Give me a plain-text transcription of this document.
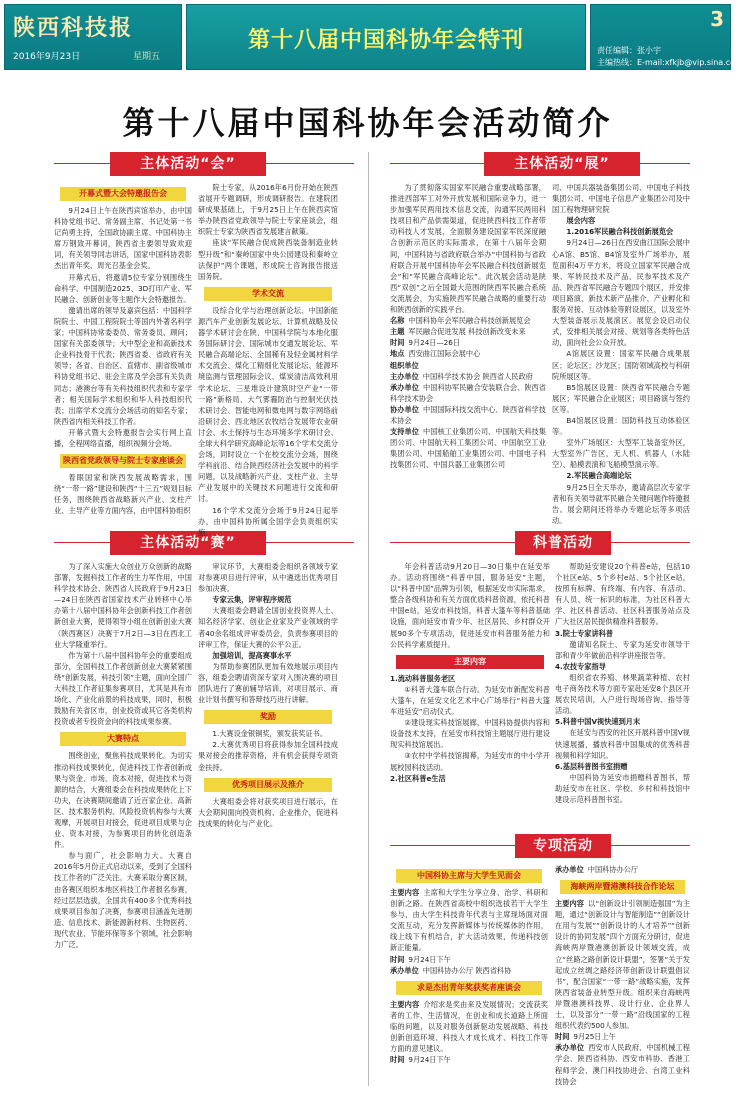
陕西科技报
2016年9月23日	星期五
第十八届中国科协年会特刊
3
责任编辑：张小宇
主编热线：E-mail:xfkjb@vip.sina.com
第十八届中国科协年会活动简介
主体活动“会”	主体活动“展”
主体活动“赛”	科普活动
专项活动
开幕式暨大会特邀报告会

9月24日上午在陕西宾馆举办，由中国科协党组书记、常务副主席、书记处第一书记尚勇主持，全国政协副主席、中国科协主席万钢致开幕词，陕西省主要领导致欢迎词，有关领导同志讲话，国家中国科协表彰杰出青年奖、周光召基金会奖。

开幕式后，将邀请5位专家分别围绕生命科学、中国制造2025、3D打印产业、军民融合、创新创业等主题作大会特邀报告。

邀请出席的领导及嘉宾包括：中国科学院院士、中国工程院院士等国内外著名科学家；中国科协常委委员、常务委员、顾问；国家有关部委领导；大中型企业和高新技术企业科技骨干代表；陕西省委、省政府有关领导；各省、自治区、直辖市、副省级城市科协党组书记、驻会主席及学会部有关负责同志；港澳台等有关科技组织代表和专家学者；相关国际学术组织和华人科技组织代表；出席学术交流分会场活动的知名专家；陕西省内相关科技工作者。

开幕式暨大会特邀报告会实行网上直播，全程网络直播，组织视频分会场。

陕西省党政领导与院士专家座谈会

着眼国家和陕西发展战略需求，围绕“一带一路”建设和陕西“十三五”规划目标任务，围绕陕西省战略新兴产业、支柱产业、主导产业等方面内容，由中国科协组织

院士专家，从2016年6月份开始在陕西省展开专题调研，形成调研报告。在建院团研成果基础上，于9月25日上午在陕西宾馆举办陕西省党政领导与院士专家座谈会，组织院士专家为陕西省发展建言献策。

座谈“军民融合促成陕西装备制造业转型升级”和“秦岭国家中央公园建设和秦岭立法保护”两个课题，形成院士咨询报告报送国务院。

学术交流

设综合化学与治理创新论坛、中国新能源汽车产业创新发展论坛、计算机战略及仪器学术研讨会在陕、中国科学院与本地化服务国际研讨会、国际城市交通发展论坛、军民融合高端论坛、全国稀有及轻金属材料学术交流会、煤化工精细化发展论坛、能源环境监测与管理国际会议、煤炭清洁高效利用学术论坛、三星堆设计建筑时空产业“一带一路”新格局、大气雾霾防治与控制光伏技术研讨会、智能电网和微电网与数字网络前沿研讨会、西北地区农牧结合发展带农业研讨会、水土保持与生态环境多学术研讨会、全球大科学研究高峰论坛等16个学术交流分会场，同时设立一个在校交流分会场，围绕学科前沿、结合陕西经济社会发展中的科学问题，以及战略新兴产业、支柱产业、主导产业发展中的关键技术问题进行交流和研讨。

16个学术交流分会场于9月24日起举办，由中国科协所属全国学会负责组织实施。

为了贯彻落实国家军民融合重要战略部署，推进西部军工对外开放发展和国际竞争力，进一步加强军民两用技术信息交流，沟通军民两用科技项目和产品供需渠道，促进陕西科技工作者带动科技人才发展，全面服务建设国家军民深度融合创新示范区的实际需求，在第十八届年会期间，中国科协与省政府联合举办“中国科协与省政府联合开展中国科协年会军民融合科技创新展览会”和“军民融合高峰论坛”。此次展会活动是陕西“双创”之后全国最大范围的陕西军民融合系统交流展会，为实施陕西军民融合战略的重要行动和陕西创新的实践平台。

名称 中国科协年会军民融合科技创新展览会

主题 军民融合促进发展 科技创新改变未来

时间 9月24日—26日

地点 西安曲江国际会展中心

组织单位

主办单位 中国科学技术协会 陕西省人民政府

承办单位 中国科协军民融合安装联合会、陕西省科学技术协会

协办单位 中国国际科技交流中心、陕西省科学技术协会

支持单位 中国核工业集团公司、中国航天科技集团公司、中国航天科工集团公司、中国航空工业集团公司、中国船舶工业集团公司、中国电子科技集团公司、中国兵器工业集团公司

司、中国兵器装备集团公司、中国电子科技集团公司、中国电子信息产业集团公司及中国工程物理研究院

展会内容

1.2016军民融合科技创新展览会

9月24日—26日在西安曲江国际会展中心A馆、B5馆、B4馆及室外广场举办，展览面积4万平方米，将设立国家军民融合成果、军转民技术及产品、民参军技术及产品、陕西省军民融合专题四个展区，并安排项目路演、新技术新产品推介、产业孵化和服务对接、互动体验等附设展区，以及室外大型装备展示及展演区。展览会设启动仪式，安排相关展会对接、规划等各类特色活动，面向社会公众开放。

A馆展区设置：国家军民融合成果展区；论坛区；沙龙区；国防领域高校与科研院所展区等。

B5馆展区设置：陕西省军民融合专题展区；军民融合企业展区；项目路演与签约区等。

B4馆展区设置：国防科技互动体验区等。

室外广场展区：大型军工装备室外区，大型室外广告区，无人机、机器人（水陆空）、船模表演和飞船模型演示等。

2.军民融合高端论坛

9月25日全天举办，邀请高层次专家学者和有关领导就军民融合关键问题作特邀报告。展会期间还将举办专题论坛等多项活动。

为了深入实施大众创业万众创新的战略部署，发掘科技工作者的生力军作用，中国科学技术协会、陕西省人民政府于9月23日—24日在陕西省国家技术产业转移中心举办第十八届中国科协年会创新科技工作者创新创业大赛，使得领导小组在创新创业大赛（陕西赛区）决赛于7月2日—3日在西北工业大学隆重举行。

作为第十八届中国科协年会的重要组成部分，全国科技工作者创新创业大赛紧紧围绕“创新发展，科技引领”主题，面向全国广大科技工作者征集参赛项目，尤其是具有市场化、产业化前景的科技成果，同时，积极鼓励有关省区市，创业投资或其它各类机构投资或者专投资金向的科技成果参赛。

大赛特点

围绕创业，聚焦科技成果转化。为切实推动科技成果转化，促进科技工作者创新成果与资金、市场、资本对接，促进技术与资源的结合，大赛组委会在科技成果转化上下功夫，在决赛期间邀请了近百家企业、高新区、技术服务机构、风险投资机构参与大赛观摩，开展项目对接会，促进项目成果与企业、资本对接，为参赛项目的转化创造条件。

参与面广，社会影响力大。大赛自2016年5月份正式启动以来，受到了全国科技工作者的广泛关注。大赛采取分赛区制，由各赛区组织本地区科技工作者报名参赛，经过层层选拔，全国共有400多个优秀科技成果项目参加了决赛，参赛项目涵盖先进制造、信息技术、新能源新材料、生物医药、现代农业、节能环保等多个领域，社会影响力广泛。

审议环节，大赛组委会组织各领域专家对参赛项目进行评审，从中遴选出优秀项目参加决赛。

专家云集，评审程序规范

大赛组委会聘请全国创业投资界人士、知名经济学家、创业企业家及产业领域的学者40余名组成评审委员会，负责参赛项目的评审工作，保证大赛的公平公正。

加强培训，提高赛事水平

为帮助参赛团队更加有效地展示项目内容，组委会聘请资深专家对入围决赛的项目团队进行了赛前辅导培训，对项目展示、商业计划书撰写和答辩技巧进行讲解。

奖励

1.大赛设金银铜奖，颁发获奖证书。

2.大赛优秀项目将获得参加全国科技成果对接会的推荐资格，并有机会获得专项资金扶持。

优秀项目展示及推介

大赛组委会将对获奖项目进行展示，在大会期间面向投资机构、企业推介，促进科技成果的转化与产业化。

年会科普活动9月20日—30日集中在延安举办。活动将围绕“科普中国，服务延安”主题，以“科普中国”品牌为引领，根据延安市实际需求，整合各级科协和有关方面优质科普资源，依托科普中国e站，延安市科技馆，科普大篷车等科普基础设施，面向延安市青少年、社区居民、乡村群众开展90多个专项活动，促进延安市科普服务能力和公民科学素质提升。

主要内容

1.流动科普服务老区

①科普大篷车联合行动。为延安市新配发科普大篷车，在延安文化艺术中心广场举行“科普大篷车进延安”启动仪式。

②建设现实科技馆展廊，中国科协提供内容和设备技术支持，在延安市科技馆主题展厅进行建设现实科技馆展出。

③农村中学科技馆揭幕，为延安市的中小学开展校园科技活动。

2.社区科普e生活

帮助延安建设20个科普e站，包括10个社区e站、5个乡村e站、5个社区e站，按照有标牌、有终端、有内容、有活动、有人员、统一标识的标准，为社区科普大学、社区科普活动、社区科普服务站点及广大社区居民提供精准科普服务。

3.院士专家讲科普

邀请知名院士、专家为延安市领导干部和青少年做前沿科学讲座报告等。

4.农技专家指导

组织省农养殖、林果蔬菜种植、农村电子商务技术等方面专家赴延安8个县区开展农民培训，入户进行现场咨询、指导等活动。

5.科普中国V视快速到月末

在延安与西安的社区开展科普中国V视快速展播，播放科普中国集成的优秀科普视频和科学知识。

6.基层科普图书室捐赠

中国科协为延安市捐赠科普图书，帮助延安市在社区、学校、乡村和科技馆中建设示范科普图书室。

中国科协主席与大学生见面会

主要内容 主席和大学生分享立身、治学、科研和创新之路。在陕西省高校中组织选拔若干大学生参与，由大学生科技青年代表与主席现场面对面交流互动，充分发挥新媒体与传统媒体的作用，线上线下有机结合，扩大活动效果，传递科技创新正能量。

时间 9月24日下午

承办单位 中国科协办公厅 陕西省科协

求是杰出青年奖获奖者座谈会

主要内容 介绍求是奖由来及发展情况；交流获奖者的工作、生活情况，在创业和成长道路上所面临的问题，以及对服务创新驱动发展战略、科技创新创造环境、科技人才成长成才、科技工作等方面的意见建议。

时间 9月24日下午

承办单位 中国科协办公厅

海峡两岸暨港澳科技合作论坛

主要内容 以“创新设计引领制造强国”为主题，通过“创新设计与智能制造”“创新设计在用与发展”“创新设计的人才培养”“创新设计的协同发展”四个方面充分研讨，促进海峡两岸暨港澳创新设计领域交流，成立“丝路之路创新设计联盟”，签署“关于发起成立丝绸之路经济带创新设计联盟倡议书”，配合国家“一带一路”战略实施，发挥陕西省装备业转型升级。组织来自海峡两岸暨港澳科技界、设计行业、企业界人士，以及部分“一带一路”沿线国家的工程组织代表约500人参加。

时间 9月25日上午

承办单位 西安市人民政府、中国机械工程学会、陕西省科协、西安市科协、香港工程师学会、澳门科技协进会、台湾工业科技协会
